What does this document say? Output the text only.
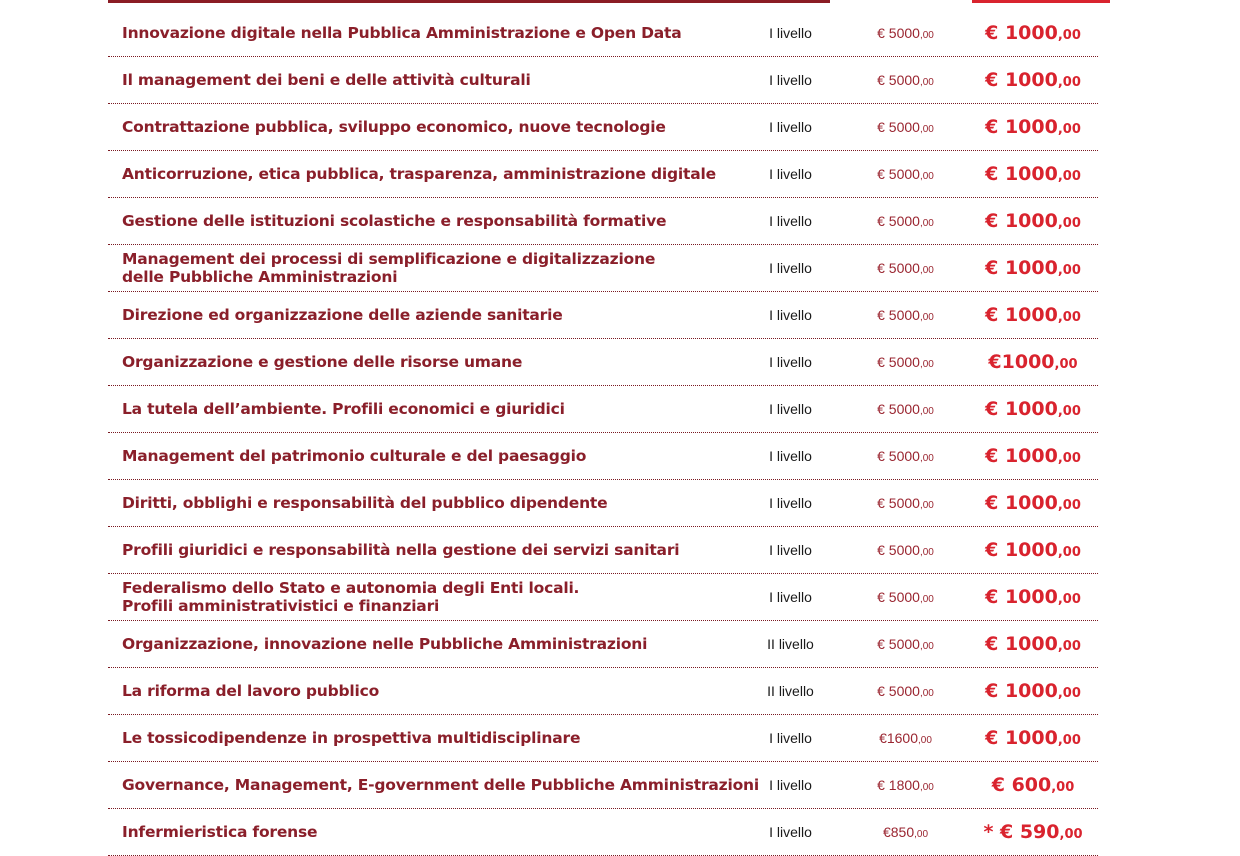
Innovazione digitale nella Pubblica Amministrazione e Open Data	I livello	€ 5000,00	€ 1000,00
Il management dei beni e delle attività culturali	I livello	€ 5000,00	€ 1000,00
Contrattazione pubblica, sviluppo economico, nuove tecnologie	I livello	€ 5000,00	€ 1000,00
Anticorruzione, etica pubblica, trasparenza, amministrazione digitale	I livello	€ 5000,00	€ 1000,00
Gestione delle istituzioni scolastiche e responsabilità formative	I livello	€ 5000,00	€ 1000,00
Management dei processi di semplificazione e digitalizzazione
delle Pubbliche Amministrazioni	I livello	€ 5000,00	€ 1000,00
Direzione ed organizzazione delle aziende sanitarie	I livello	€ 5000,00	€ 1000,00
Organizzazione e gestione delle risorse umane	I livello	€ 5000,00	€1000,00
La tutela dell’ambiente. Profili economici e giuridici	I livello	€ 5000,00	€ 1000,00
Management del patrimonio culturale e del paesaggio	I livello	€ 5000,00	€ 1000,00
Diritti, obblighi e responsabilità del pubblico dipendente	I livello	€ 5000,00	€ 1000,00
Profili giuridici e responsabilità nella gestione dei servizi sanitari	I livello	€ 5000,00	€ 1000,00
Federalismo dello Stato e autonomia degli Enti locali.
Profili amministrativistici e finanziari	I livello	€ 5000,00	€ 1000,00
Organizzazione, innovazione nelle Pubbliche Amministrazioni	II livello	€ 5000,00	€ 1000,00
La riforma del lavoro pubblico	II livello	€ 5000,00	€ 1000,00
Le tossicodipendenze in prospettiva multidisciplinare	I livello	€1600,00	€ 1000,00
Governance, Management, E-government delle Pubbliche Amministrazioni I livello	€ 1800,00	€ 600,00
Infermieristica forense	I livello	€850,00	* € 590,00
